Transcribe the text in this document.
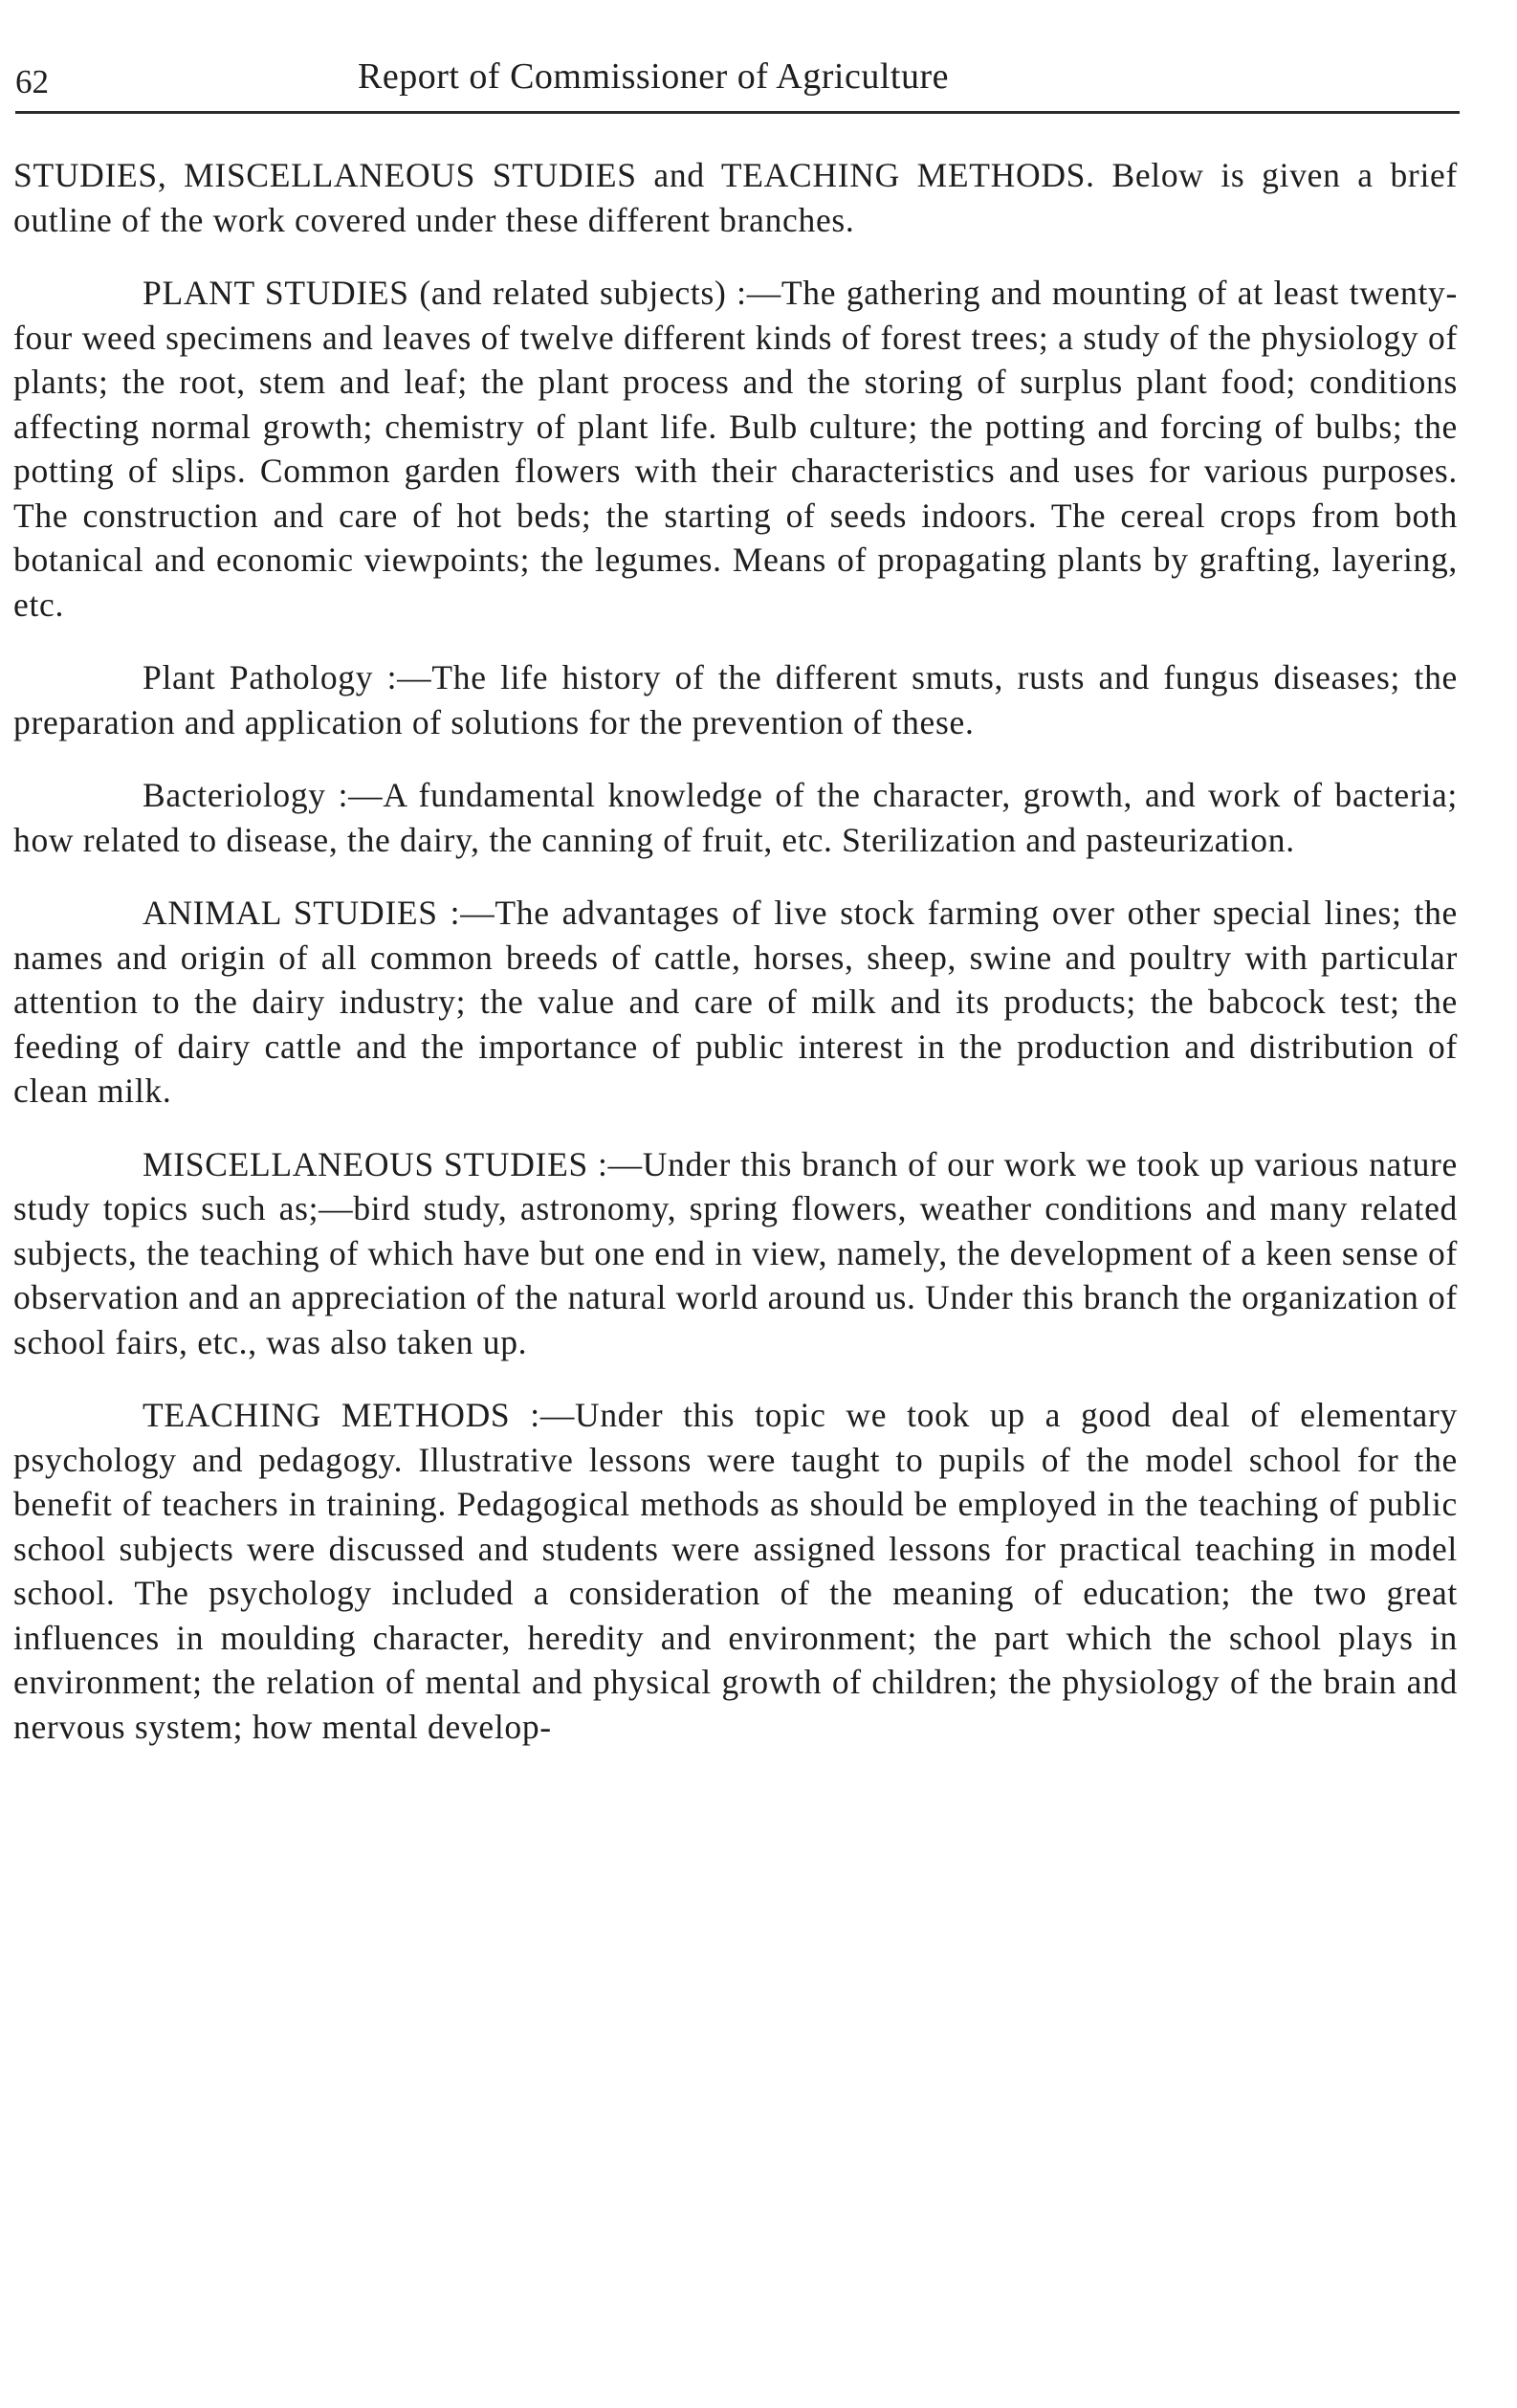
62	Report of Commissioner of Agriculture

STUDIES, MISCELLANEOUS STUDIES and TEACHING METHODS. Below is given a brief outline of the work covered under these different branches.

PLANT STUDIES (and related subjects) :—The gathering and mounting of at least twenty-four weed specimens and leaves of twelve different kinds of forest trees; a study of the physiology of plants; the root, stem and leaf; the plant process and the storing of surplus plant food; conditions affecting normal growth; chemistry of plant life. Bulb culture; the potting and forcing of bulbs; the potting of slips. Common garden flowers with their characteristics and uses for various purposes. The construction and care of hot beds; the starting of seeds indoors. The cereal crops from both botanical and economic viewpoints; the legumes. Means of propagating plants by grafting, layering, etc.

Plant Pathology :—The life history of the different smuts, rusts and fungus diseases; the preparation and application of solutions for the prevention of these.

Bacteriology :—A fundamental knowledge of the character, growth, and work of bacteria; how related to disease, the dairy, the canning of fruit, etc. Sterilization and pasteurization.

ANIMAL STUDIES :—The advantages of live stock farming over other special lines; the names and origin of all common breeds of cattle, horses, sheep, swine and poultry with particular attention to the dairy industry; the value and care of milk and its products; the babcock test; the feeding of dairy cattle and the importance of public interest in the production and distribution of clean milk.

MISCELLANEOUS STUDIES :—Under this branch of our work we took up various nature study topics such as;—bird study, astronomy, spring flowers, weather conditions and many related subjects, the teaching of which have but one end in view, namely, the development of a keen sense of observation and an appreciation of the natural world around us. Under this branch the organization of school fairs, etc., was also taken up.

TEACHING METHODS :—Under this topic we took up a good deal of elementary psychology and pedagogy. Illustrative lessons were taught to pupils of the model school for the benefit of teachers in training. Pedagogical methods as should be employed in the teaching of public school subjects were discussed and students were assigned lessons for practical teaching in model school. The psychology included a consideration of the meaning of education; the two great influences in moulding character, heredity and environment; the part which the school plays in environment; the relation of mental and physical growth of children; the physiology of the brain and nervous system; how mental develop-
